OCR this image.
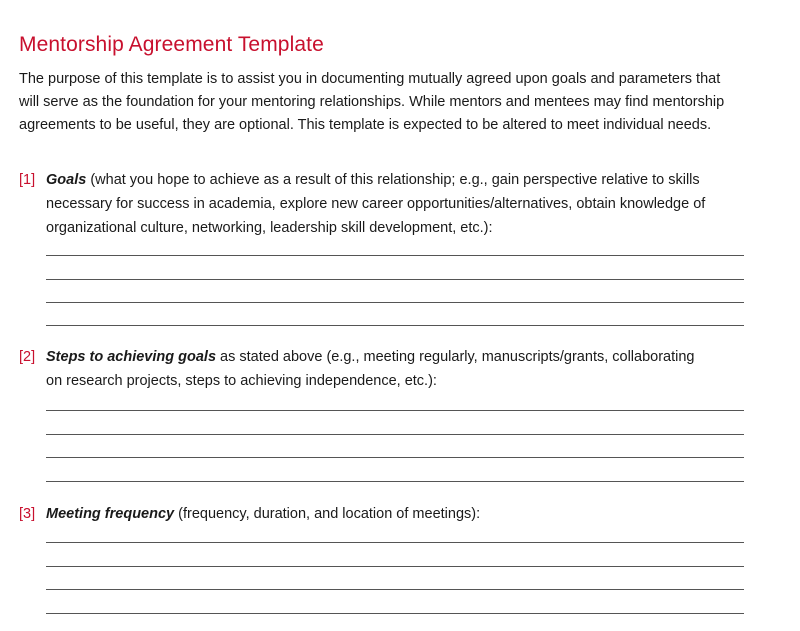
Mentorship Agreement Template
The purpose of this template is to assist you in documenting mutually agreed upon goals and parameters that
will serve as the foundation for your mentoring relationships. While mentors and mentees may find mentorship
agreements to be useful, they are optional. This template is expected to be altered to meet individual needs.
[1] Goals (what you hope to achieve as a result of this relationship; e.g., gain perspective relative to skills
necessary for success in academia, explore new career opportunities/alternatives, obtain knowledge of
organizational culture, networking, leadership skill development, etc.):
[2] Steps to achieving goals as stated above (e.g., meeting regularly, manuscripts/grants, collaborating
on research projects, steps to achieving independence, etc.):
[3] Meeting frequency (frequency, duration, and location of meetings):
